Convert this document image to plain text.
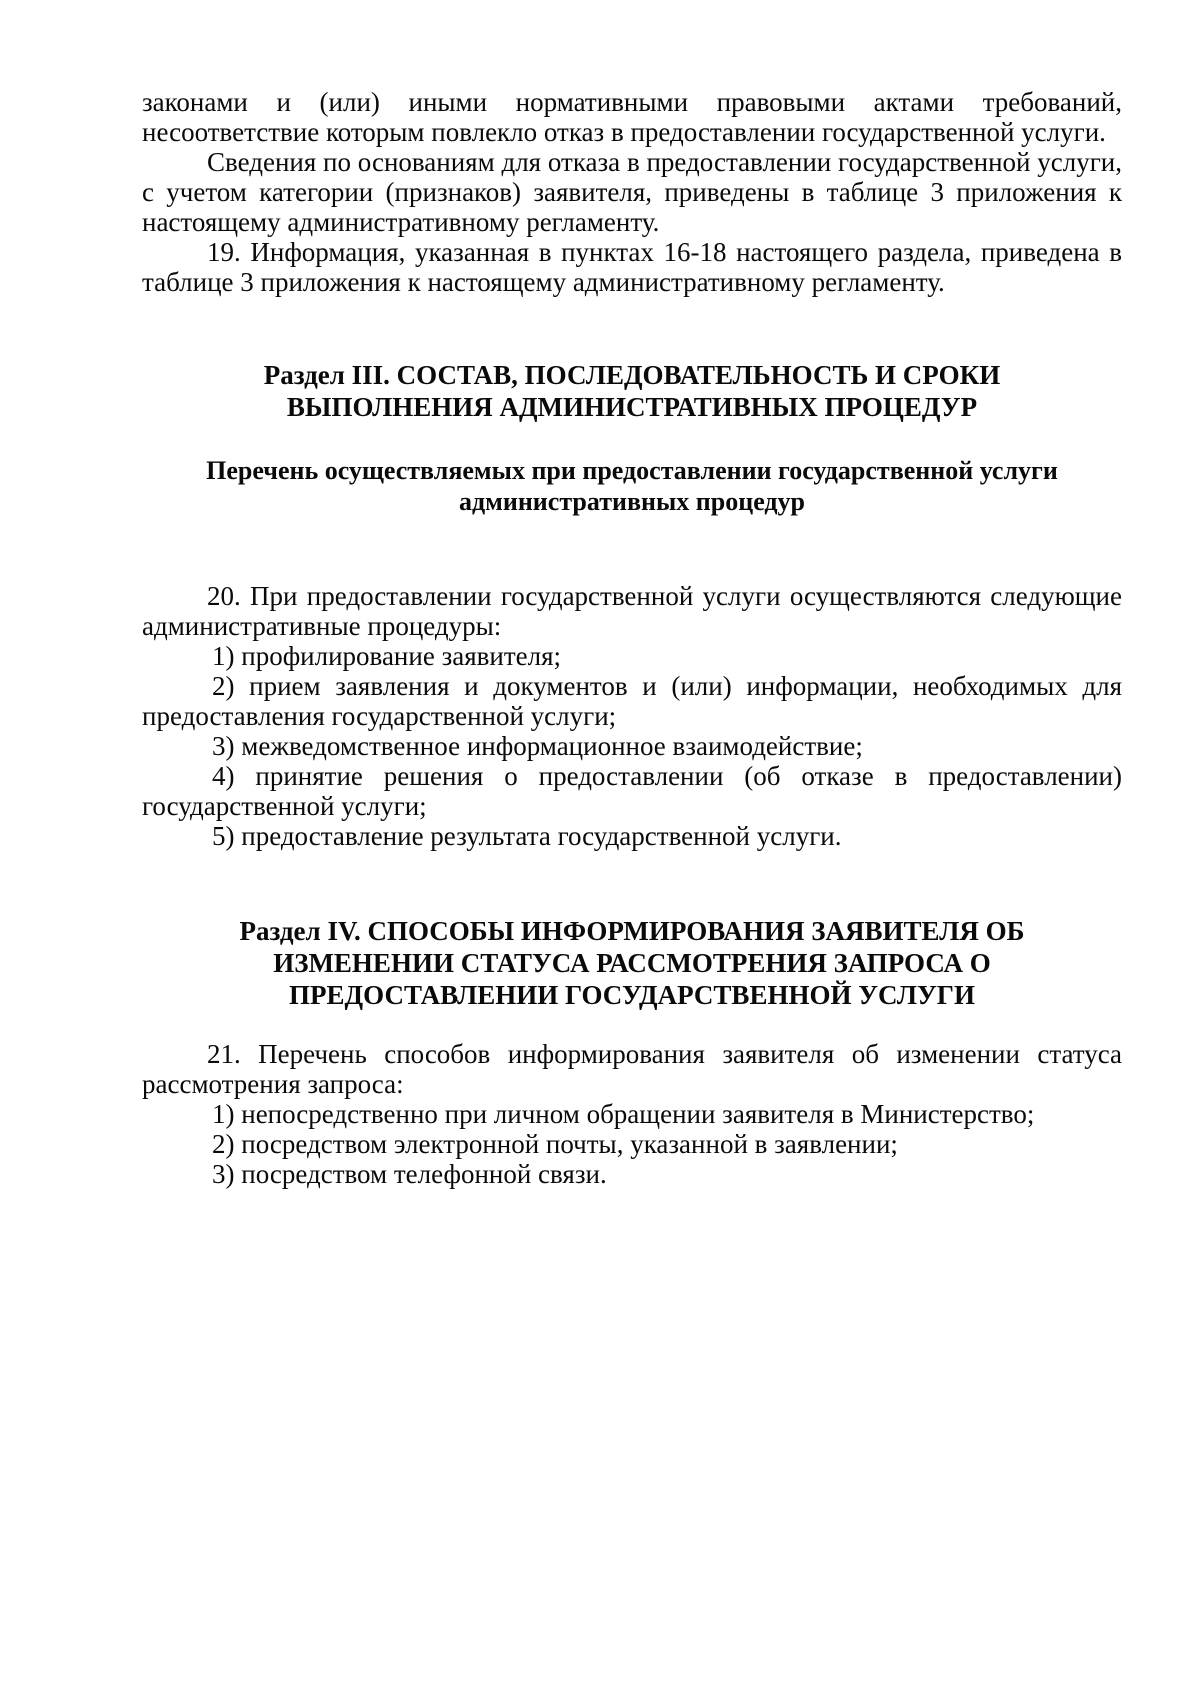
законами и (или) иными нормативными правовыми актами требований, несоответствие которым повлекло отказ в предоставлении государственной услуги.

Сведения по основаниям для отказа в предоставлении государственной услуги, с учетом категории (признаков) заявителя, приведены в таблице 3 приложения к настоящему административному регламенту.

19. Информация, указанная в пунктах 16-18 настоящего раздела, приведена в таблице 3 приложения к настоящему административному регламенту.

Раздел III. СОСТАВ, ПОСЛЕДОВАТЕЛЬНОСТЬ И СРОКИ

ВЫПОЛНЕНИЯ АДМИНИСТРАТИВНЫХ ПРОЦЕДУР

Перечень осуществляемых при предоставлении государственной услуги

административных процедур

20. При предоставлении государственной услуги осуществляются следующие административные процедуры:

1) профилирование заявителя;

2) прием заявления и документов и (или) информации, необходимых для предоставления государственной услуги;

3) межведомственное информационное взаимодействие;

4) принятие решения о предоставлении (об отказе в предоставлении) государственной услуги;

5) предоставление результата государственной услуги.

Раздел IV. СПОСОБЫ ИНФОРМИРОВАНИЯ ЗАЯВИТЕЛЯ ОБ

ИЗМЕНЕНИИ СТАТУСА РАССМОТРЕНИЯ ЗАПРОСА О

ПРЕДОСТАВЛЕНИИ ГОСУДАРСТВЕННОЙ УСЛУГИ

21. Перечень способов информирования заявителя об изменении статуса рассмотрения запроса:

1) непосредственно при личном обращении заявителя в Министерство;

2) посредством электронной почты, указанной в заявлении;

3) посредством телефонной связи.
